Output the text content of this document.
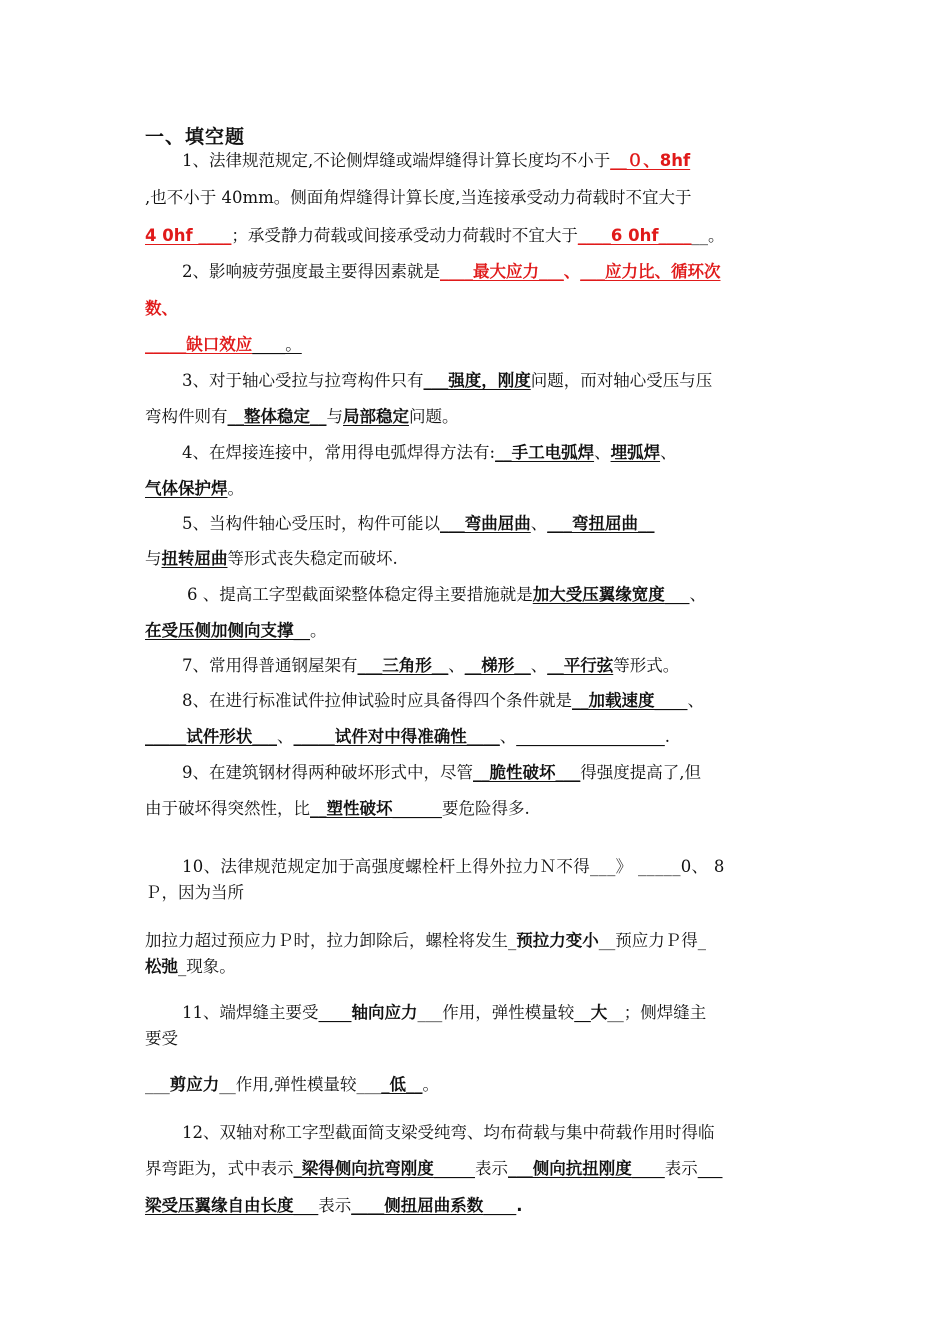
一、填空题
1、法律规范规定,不论侧焊缝或端焊缝得计算长度均不小于__０、8hf
,也不小于 40mm。侧面角焊缝得计算长度,当连接承受动力荷载时不宜大于
4 0hf ____；承受静力荷载或间接承受动力荷载时不宜大于____6 0hf______。
2、影响疲劳强度最主要得因素就是____最大应力___、___应力比、循环次
数、
_____缺口效应____。
3、对于轴心受拉与拉弯构件只有___强度，刚度问题，而对轴心受压与压
弯构件则有__整体稳定__与局部稳定问题。
4、在焊接连接中，常用得电弧焊得方法有:__手工电弧焊、埋弧焊、
气体保护焊。
5、当构件轴心受压时，构件可能以___弯曲屈曲、___弯扭屈曲__
与扭转屈曲等形式丧失稳定而破坏.
6 、提高工字型截面梁整体稳定得主要措施就是加大受压翼缘宽度___、
在受压侧加侧向支撑__。
7、常用得普通钢屋架有___三角形__、__梯形__、__平行弦等形式。
8、在进行标准试件拉伸试验时应具备得四个条件就是__加载速度____、
_____试件形状___、_____试件对中得准确性____、__________________.
9、在建筑钢材得两种破坏形式中，尽管__脆性破坏___得强度提高了,但
由于破坏得突然性，比__塑性破坏______要危险得多.
10、法律规范规定加于高强度螺栓杆上得外拉力Ｎ不得___》 _____0、 8
Ｐ，因为当所
加拉力超过预应力Ｐ时，拉力卸除后，螺栓将发生_预拉力变小__预应力Ｐ得_
松弛_现象。
11、端焊缝主要受____轴向应力___作用，弹性模量较__大__；侧焊缝主
要受
___剪应力__作用,弹性模量较____低__。
12、双轴对称工字型截面简支梁受纯弯、均布荷载与集中荷载作用时得临
界弯距为，式中表示_梁得侧向抗弯刚度_____表示___侧向抗扭刚度____表示___
梁受压翼缘自由长度___表示____侧扭屈曲系数____.
